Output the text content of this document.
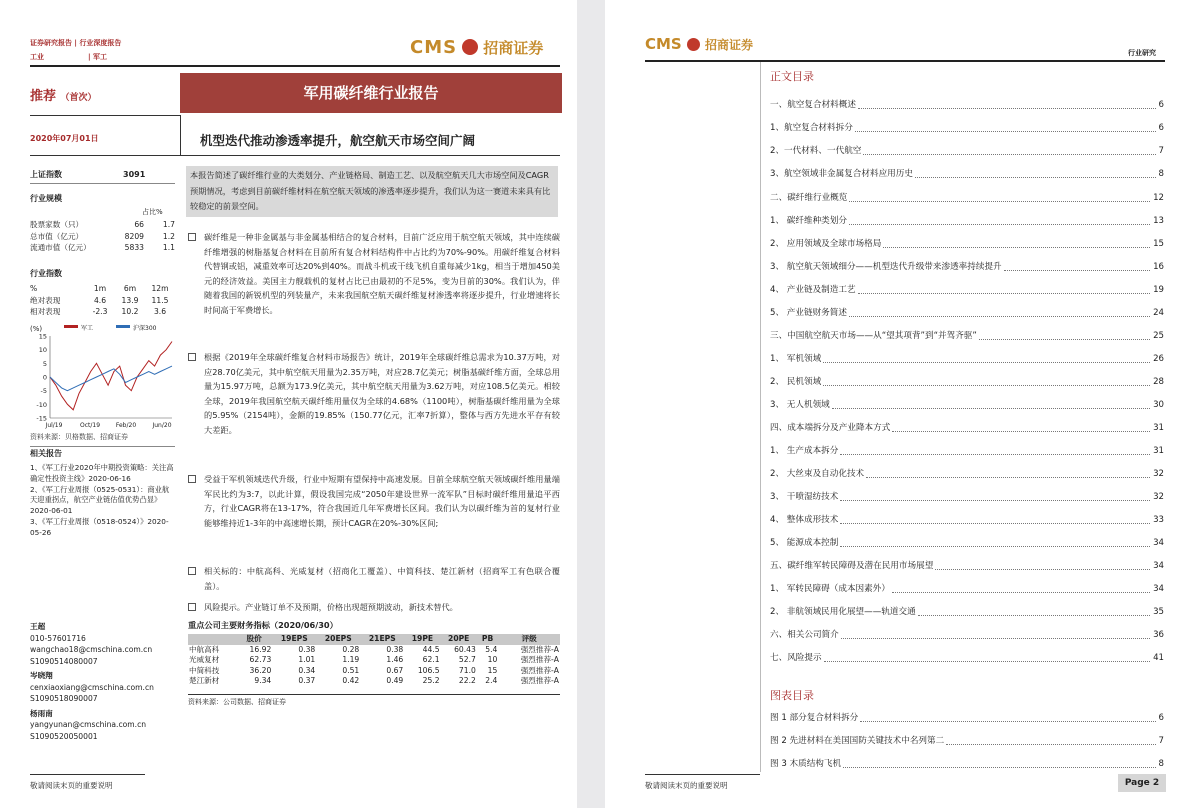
证券研究报告 | 行业深度报告
工业	| 军工	CMS 招商证券
推荐 （首次）	军用碳纤维行业报告
2020年07月01日	机型迭代推动渗透率提升，航空航天市场空间广阔
上证指数	3091
行业规模
占比%
股票家数（只）	66	1.7
总市值（亿元）	8209	1.2
流通市值（亿元）	5833	1.1
行业指数
%	1m	6m	12m
绝对表现	4.6	13.9	11.5
相对表现	-2.3	10.2	3.6
(%)	军工	沪深300
15
10
5
0
-5
-10
-15
Jul/19	Oct/19	Feb/20	Jun/20
资料来源：贝格数据、招商证券
相关报告
1、《军工行业2020年中期投资策略：关注高确定性投资主线》2020-06-16
2、《军工行业周报（0525-0531）：商业航天迎重拐点，航空产业链估值优势凸显》2020-06-01
3、《军工行业周报（0518-0524）》2020-05-26
王超
010-57601716
wangchao18@cmschina.com.cn
S1090514080007
岑晓翔
cenxiaoxiang@cmschina.com.cn
S1090518090007
杨雨南
yangyunan@cmschina.com.cn
S1090520050001
本报告简述了碳纤维行业的大类划分、产业链格局、制造工艺、以及航空航天几大市场空间及CAGR预期情况，考虑到目前碳纤维材料在航空航天领域的渗透率逐步提升，我们认为这一赛道未来具有比较稳定的前景空间。
碳纤维是一种非金属基与非金属基相结合的复合材料，目前广泛应用于航空航天领域，其中连续碳纤维增强的树脂基复合材料在目前所有复合材料结构件中占比约为70%-90%。用碳纤维复合材料代替钢或铝，减重效率可达20%到40%。而战斗机或干线飞机自重每减少1kg，相当于增加450美元的经济效益。美国主力舰载机的复材占比已由最初的不足5%，变为目前的30%。我们认为，伴随着我国的新锐机型的列装量产，未来我国航空航天碳纤维复材渗透率将逐步提升，行业增速将长时间高于军费增长。
根据《2019年全球碳纤维复合材料市场报告》统计，2019年全球碳纤维总需求为10.37万吨，对应28.70亿美元，其中航空航天用量为2.35万吨，对应28.7亿美元；树脂基碳纤维方面，全球总用量为15.97万吨，总额为173.9亿美元，其中航空航天用量为3.62万吨，对应108.5亿美元。相较全球，2019年我国航空航天碳纤维用量仅为全球的4.68%（1100吨），树脂基碳纤维用量为全球的5.95%（2154吨），金额的19.85%（150.77亿元，汇率7折算），整体与西方先进水平存有较大差距。
受益于军机领域迭代升级，行业中短期有望保持中高速发展。目前全球航空航天领域碳纤维用量端军民比约为3:7，以此计算，假设我国完成“2050年建设世界一流军队”目标时碳纤维用量追平西方，行业CAGR将在13-17%，符合我国近几年军费增长区间。我们认为以碳纤维为首的复材行业能够维持近1-3年的中高速增长期，预计CAGR在20%-30%区间;
相关标的：中航高科、光威复材（招商化工覆盖）、中简科技、楚江新材（招商军工有色联合覆盖）。
风险提示。产业链订单不及预期，价格出现超预期波动，新技术替代。
重点公司主要财务指标（2020/06/30）
	股价	19EPS	20EPS	21EPS	19PE	20PE	PB	评级
中航高科	16.92	0.38	0.28	0.38	44.5	60.43	5.4	强烈推荐-A
光威复材	62.73	1.01	1.19	1.46	62.1	52.7	10	强烈推荐-A
中简科技	36.20	0.34	0.51	0.67	106.5	71.0	15	强烈推荐-A
楚江新材	9.34	0.37	0.42	0.49	25.2	22.2	2.4	强烈推荐-A
资料来源：公司数据、招商证券
敬请阅读末页的重要说明
CMS 招商证券
行业研究
正文目录
一、航空复合材料概述	6
1、航空复合材料拆分	6
2、一代材料、一代航空	7
3、航空领域非金属复合材料应用历史	8
二、碳纤维行业概览	12
1、 碳纤维种类划分	13
2、 应用领域及全球市场格局	15
3、 航空航天领域细分——机型迭代升级带来渗透率持续提升	16
4、 产业链及制造工艺	19
5、 产业链财务简述	24
三、中国航空航天市场——从“望其项背”到“并驾齐驱”	25
1、 军机领域	26
2、 民机领域	28
3、 无人机领域	30
四、成本端拆分及产业降本方式	31
1、 生产成本拆分	31
2、 大丝束及自动化技术	32
3、 干喷湿纺技术	32
4、 整体成形技术	33
5、 能源成本控制	34
五、碳纤维军转民障碍及潜在民用市场展望	34
1、 军转民障碍（成本因素外）	34
2、 非航领域民用化展望——轨道交通	35
六、相关公司简介	36
七、风险提示	41
图表目录
图 1 部分复合材料拆分	6
图 2 先进材料在美国国防关键技术中名列第二	7
图 3 木质结构飞机	8
敬请阅读末页的重要说明	Page 2
